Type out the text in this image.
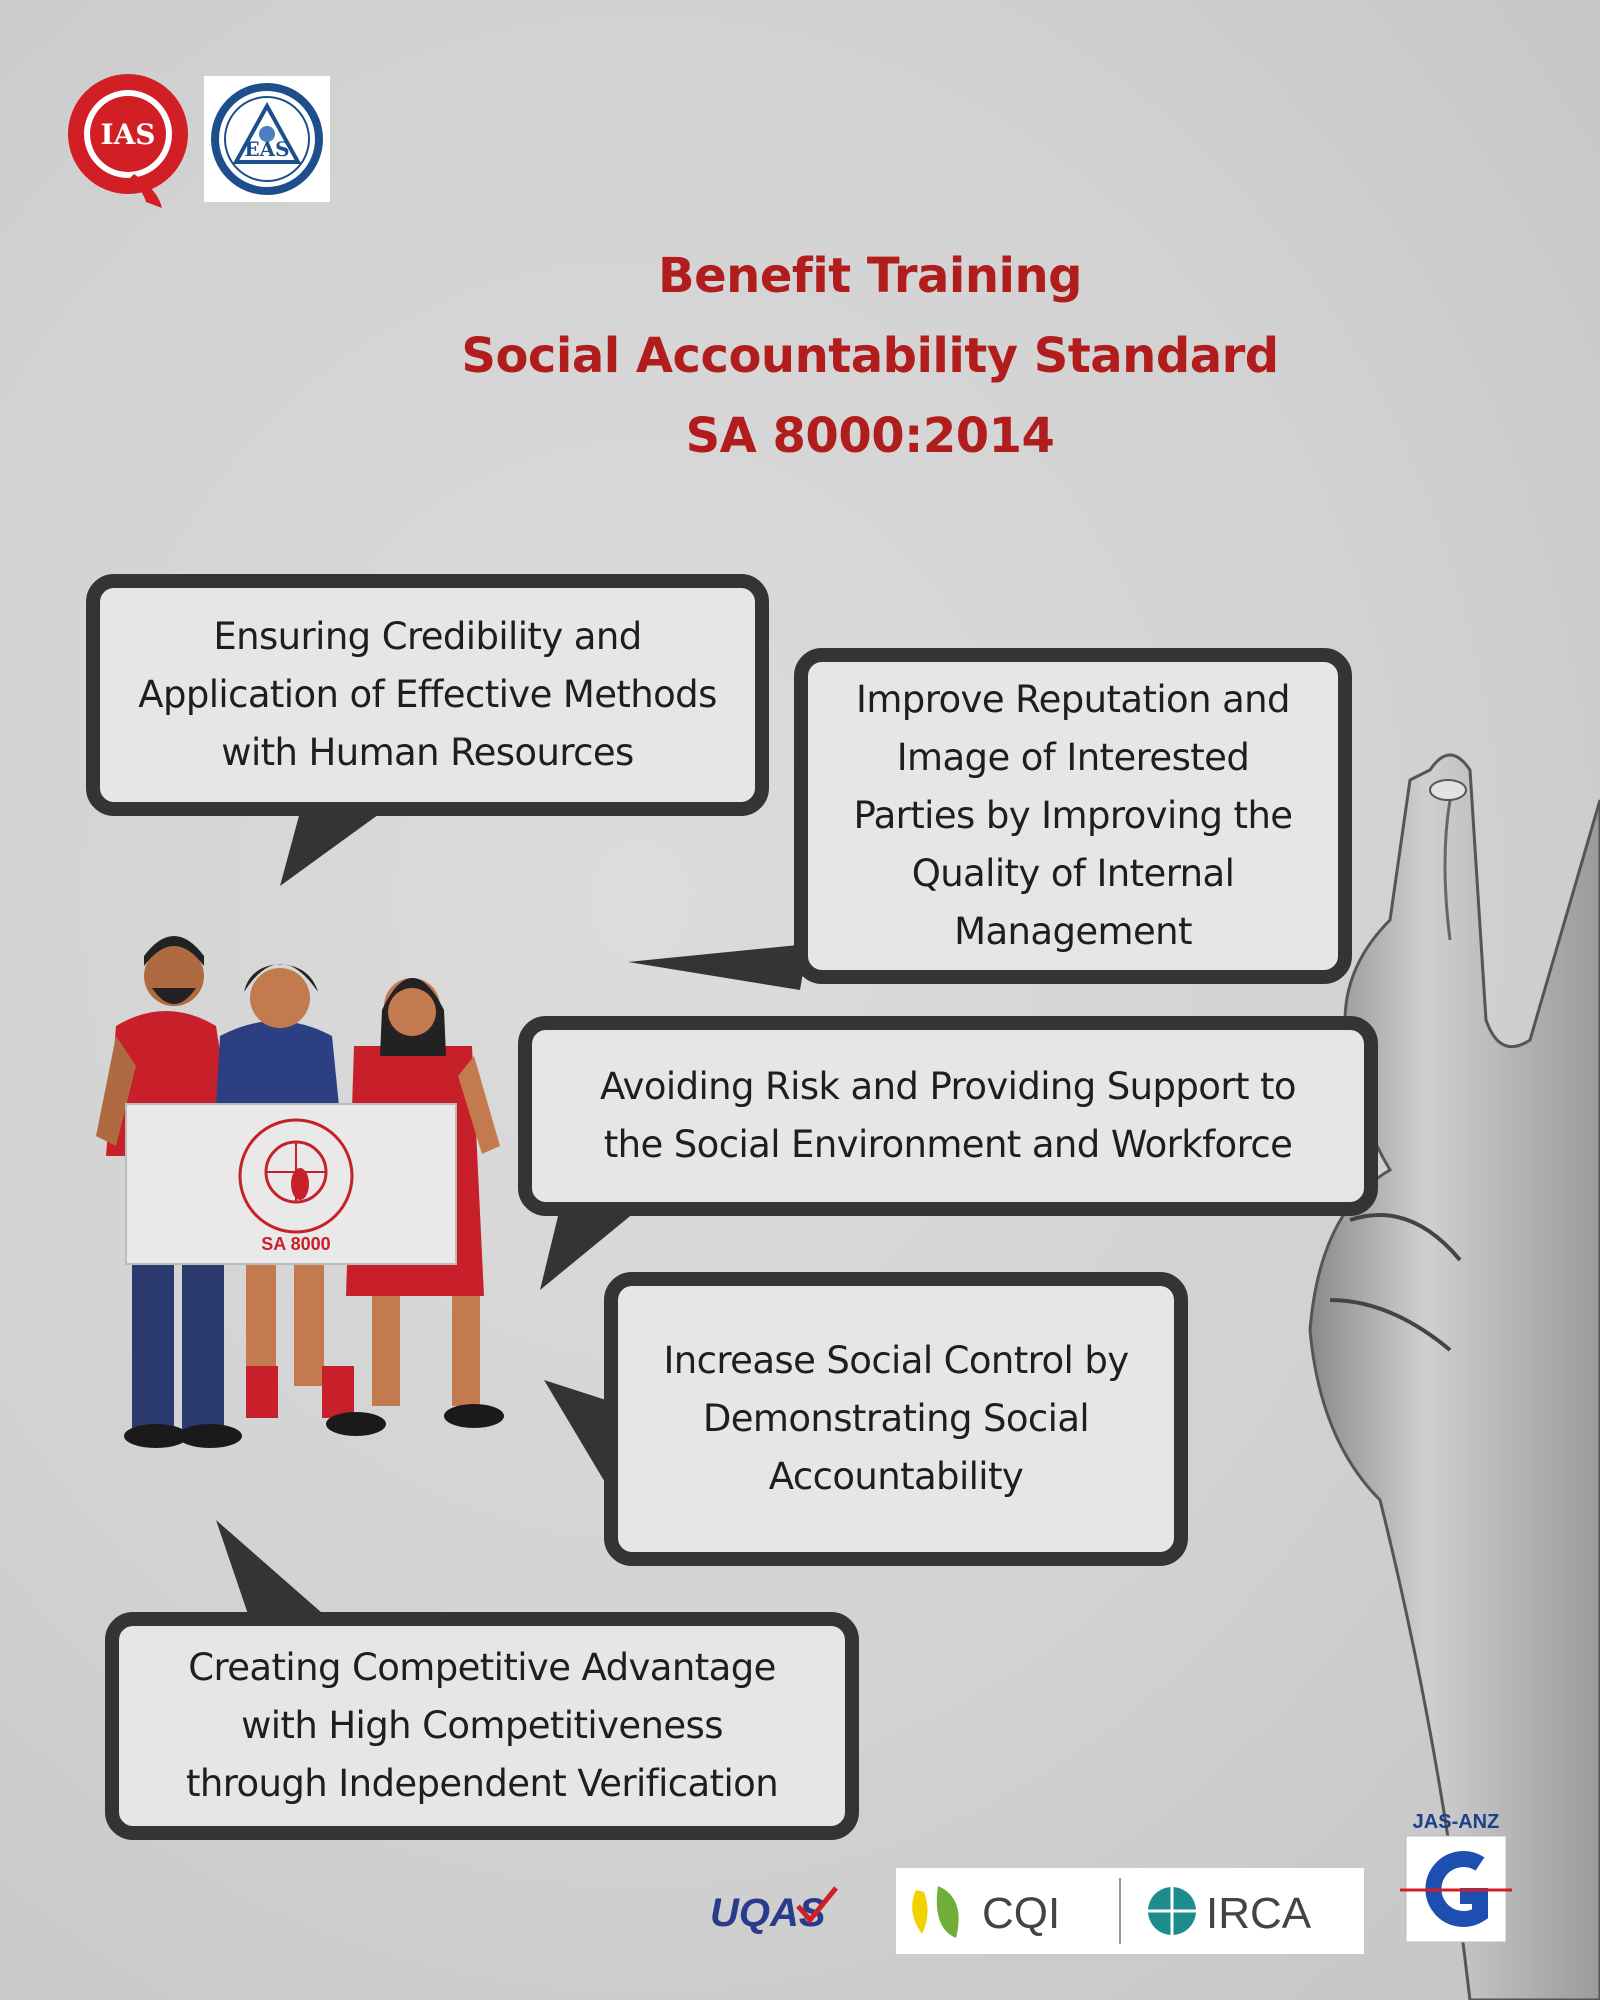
IAS	EAS
Benefit Training
Social Accountability Standard
SA 8000:2014
Ensuring Credibility and
Application of Effective Methods
with Human Resources
Improve Reputation and
Image of Interested
Parties by Improving the
Quality of Internal
Management
Avoiding Risk and Providing Support to
the Social Environment and Workforce
Increase Social Control by
Demonstrating Social
Accountability
Creating Competitive Advantage
with High Competitiveness
through Independent Verification
SA 8000
UQAS	CQI	IRCA
JAS-ANZ
